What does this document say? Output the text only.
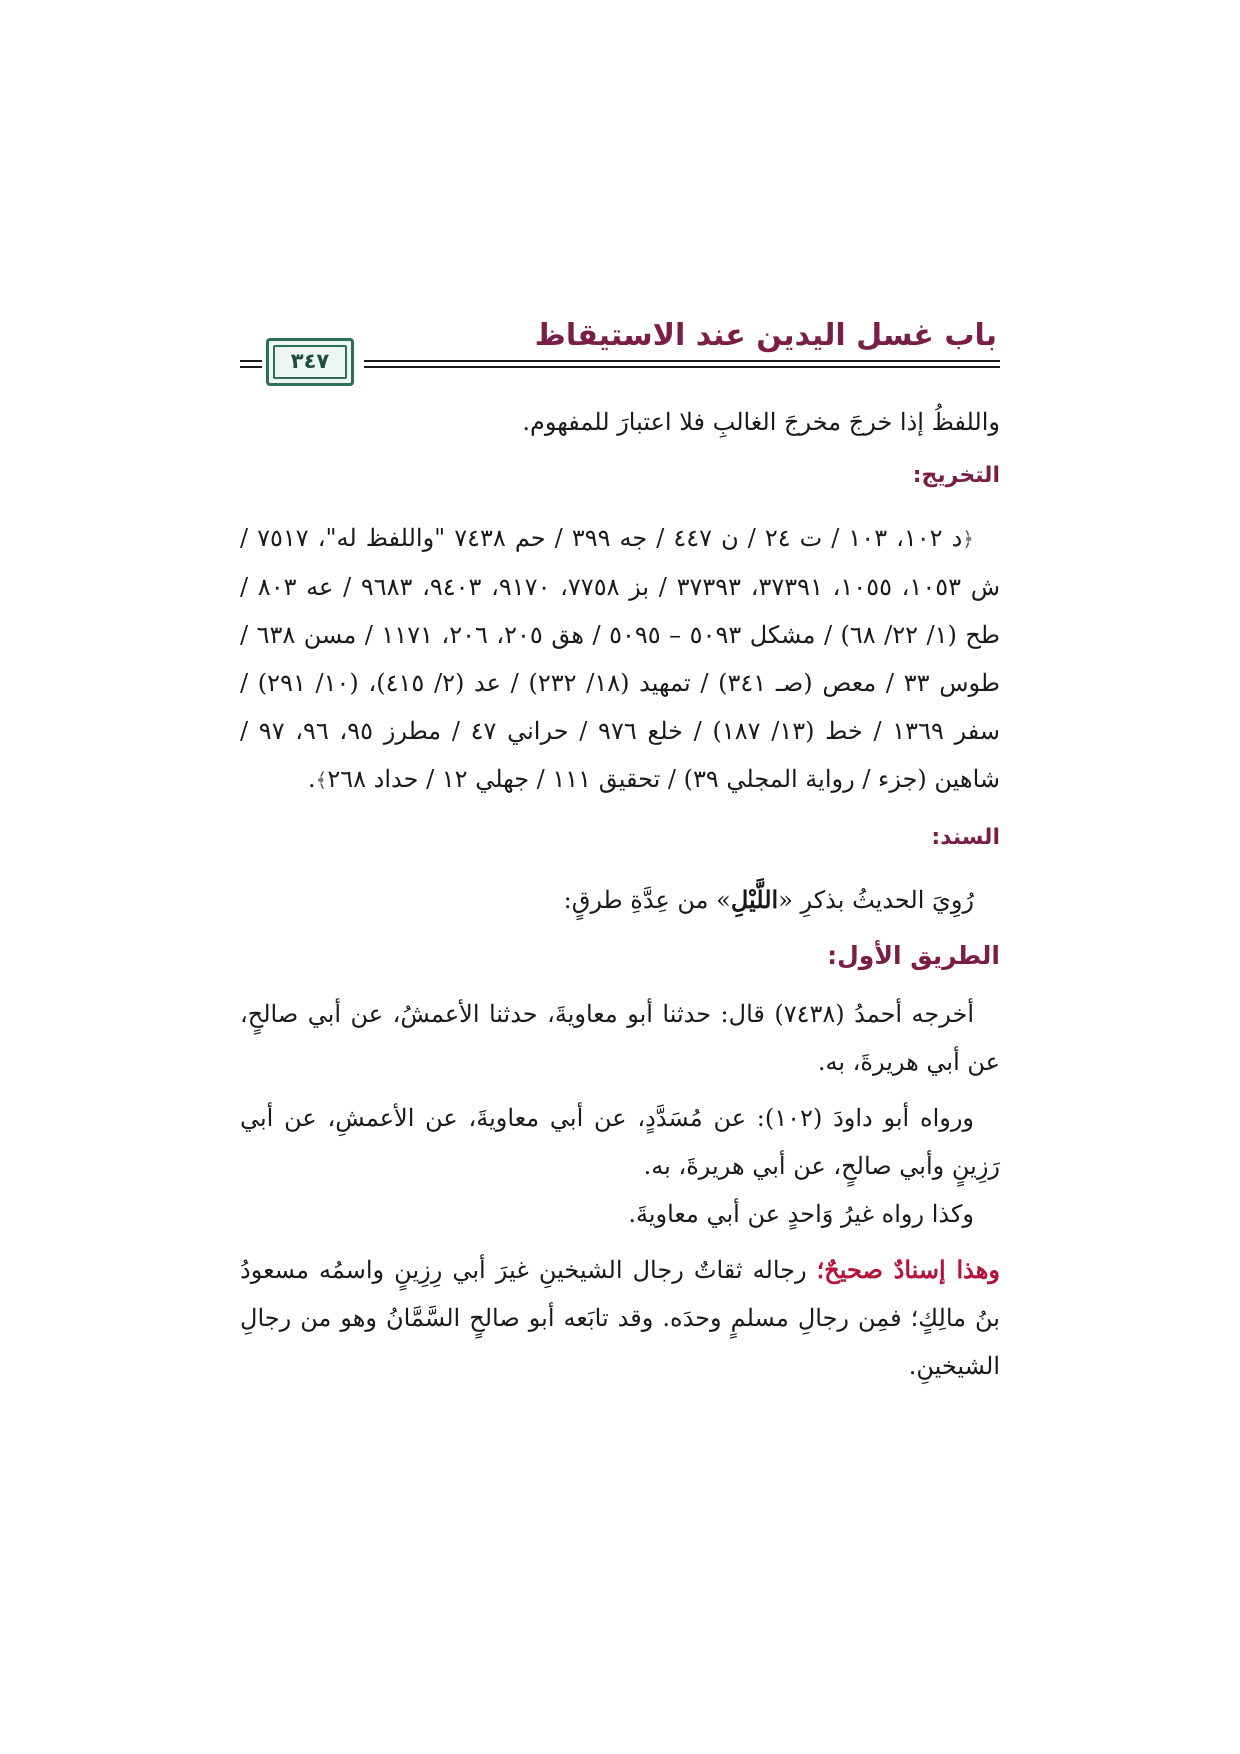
باب غسل اليدين عند الاستيقاظ
٣٤٧

واللفظُ إذا خرجَ مخرجَ الغالبِ فلا اعتبارَ للمفهوم.

التخريج:

﴿د ١٠٢، ١٠٣ / ت ٢٤ / ن ٤٤٧ / جه ٣٩٩ / حم ٧٤٣٨ "واللفظ له"، ٧٥١٧ / ش ١٠٥٣، ١٠٥٥، ٣٧٣٩١، ٣٧٣٩٣ / بز ٧٧٥٨، ٩١٧٠، ٩٤٠٣، ٩٦٨٣ / عه ٨٠٣ / طح (١/ ٢٢/ ٦٨) / مشكل ٥٠٩٣ – ٥٠٩٥ / هق ٢٠٥، ٢٠٦، ١١٧١ / مسن ٦٣٨ / طوس ٣٣ / معص (صـ ٣٤١) / تمهيد (١٨/ ٢٣٢) / عد (٢/ ٤١٥)، (١٠/ ٢٩١) / سفر ١٣٦٩ / خط (١٣/ ١٨٧) / خلع ٩٧٦ / حراني ٤٧ / مطرز ٩٥، ٩٦، ٩٧ / شاهين (جزء / رواية المجلي ٣٩) / تحقيق ١١١ / جهلي ١٢ / حداد ٢٦٨﴾.

السند:

رُوِيَ الحديثُ بذكرِ «اللَّيْلِ» من عِدَّةِ طرقٍ:

الطريق الأول:

أخرجه أحمدُ (٧٤٣٨) قال: حدثنا أبو معاويةَ، حدثنا الأعمشُ، عن أبي صالحٍ، عن أبي هريرةَ، به.

ورواه أبو داودَ (١٠٢): عن مُسَدَّدٍ، عن أبي معاويةَ، عن الأعمشِ، عن أبي رَزِينٍ وأبي صالحٍ، عن أبي هريرةَ، به.

وكذا رواه غيرُ وَاحدٍ عن أبي معاويةَ.

وهذا إسنادٌ صحيحٌ؛ رجاله ثقاتٌ رجال الشيخينِ غيرَ أبي رِزِينٍ واسمُه مسعودُ بنُ مالِكٍ؛ فمِن رجالِ مسلمٍ وحدَه. وقد تابَعه أبو صالحٍ السَّمَّانُ وهو من رجالِ الشيخينِ.
